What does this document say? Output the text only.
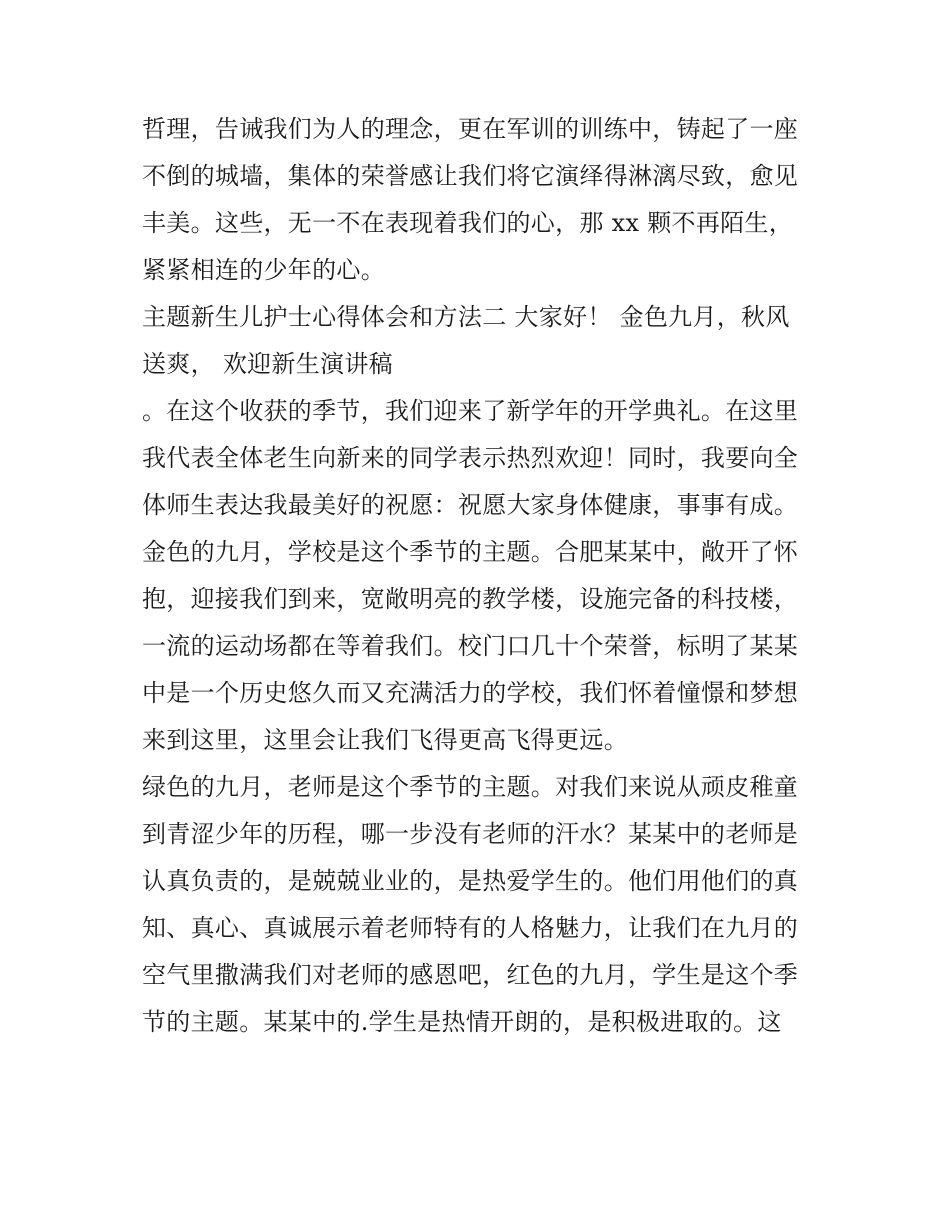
哲理，告诫我们为人的理念，更在军训的训练中，铸起了一座
不倒的城墙，集体的荣誉感让我们将它演绎得淋漓尽致，愈见
丰美。这些，无一不在表现着我们的心，那 xx 颗不再陌生，
紧紧相连的少年的心。
主题新生儿护士心得体会和方法二 大家好！ 金色九月，秋风
送爽， 欢迎新生演讲稿
。在这个收获的季节，我们迎来了新学年的开学典礼。在这里
我代表全体老生向新来的同学表示热烈欢迎！同时，我要向全
体师生表达我最美好的祝愿：祝愿大家身体健康，事事有成。
金色的九月，学校是这个季节的主题。合肥某某中，敞开了怀
抱，迎接我们到来，宽敞明亮的教学楼，设施完备的科技楼，
一流的运动场都在等着我们。校门口几十个荣誉，标明了某某
中是一个历史悠久而又充满活力的学校，我们怀着憧憬和梦想
来到这里，这里会让我们飞得更高飞得更远。
绿色的九月，老师是这个季节的主题。对我们来说从顽皮稚童
到青涩少年的历程，哪一步没有老师的汗水？某某中的老师是
认真负责的，是兢兢业业的，是热爱学生的。他们用他们的真
知、真心、真诚展示着老师特有的人格魅力，让我们在九月的
空气里撒满我们对老师的感恩吧，红色的九月，学生是这个季
节的主题。某某中的.学生是热情开朗的，是积极进取的。这
